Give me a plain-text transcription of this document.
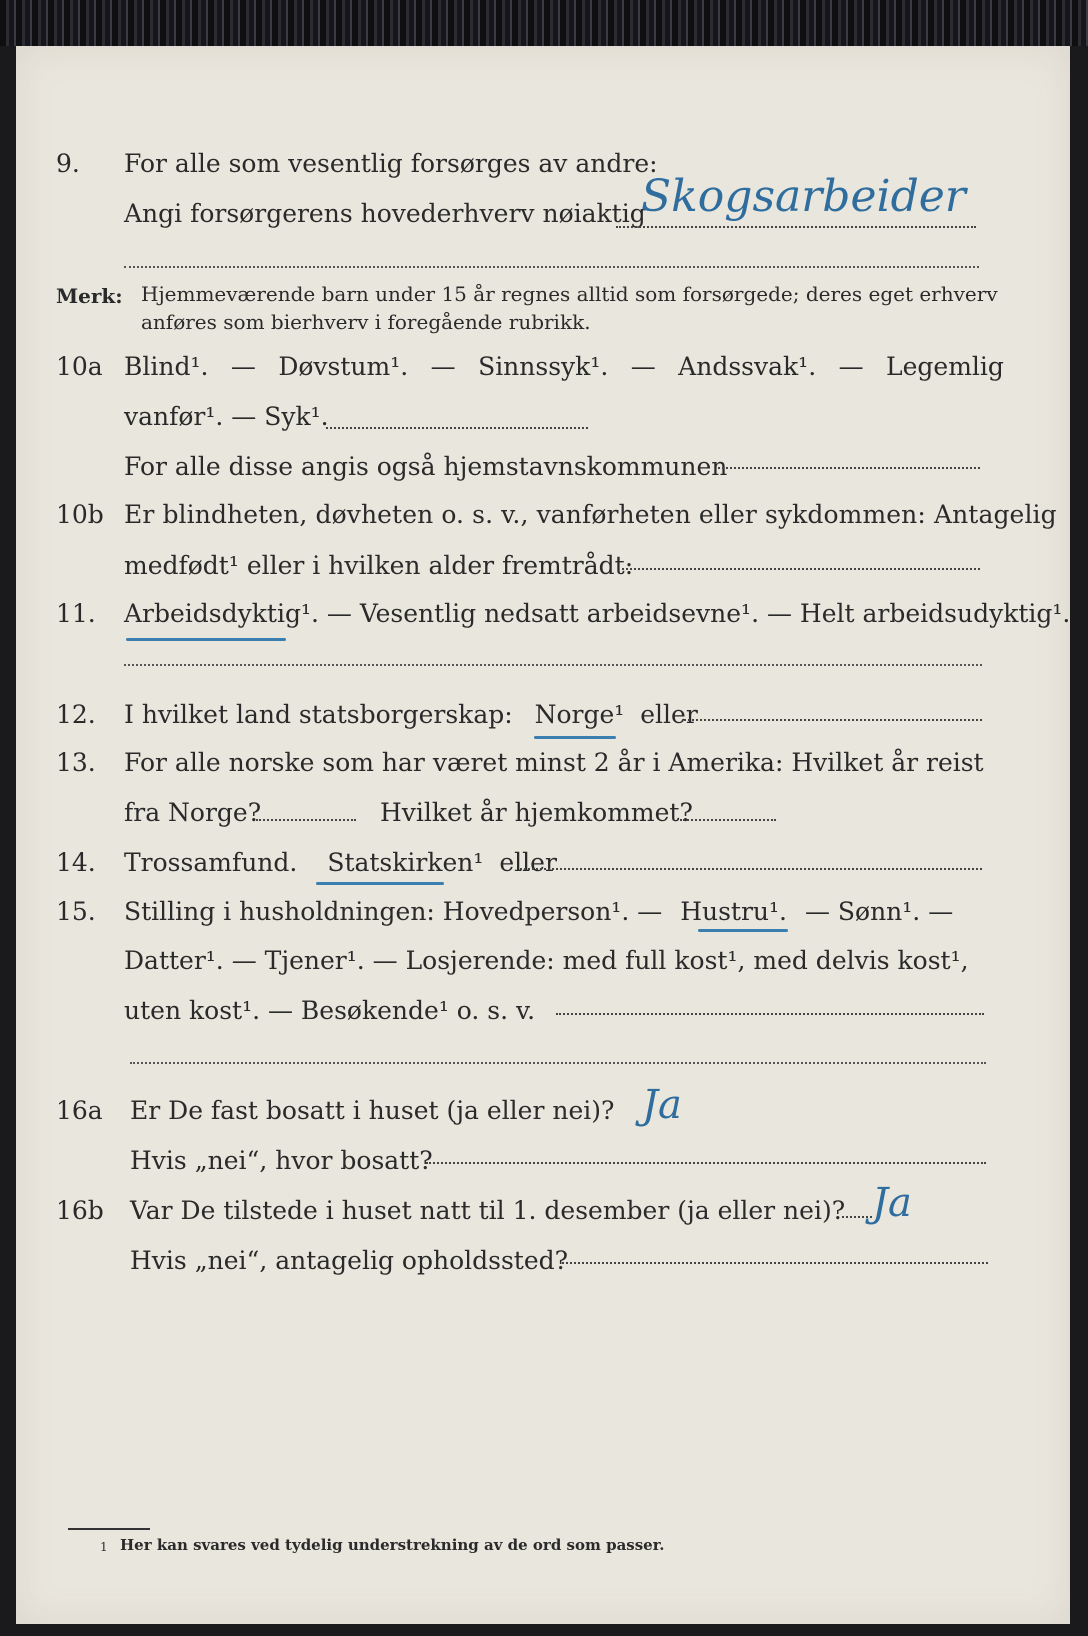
9. For alle som vesentlig forsørges av andre:
Angi forsørgerens hovederhverv nøiaktig
Skogsarbeider
Merk: Hjemmeværende barn under 15 år regnes alltid som forsørgede; deres eget erhverv
anføres som bierhverv i foregående rubrikk.
10a Blind¹. — Døvstum¹. — Sinnssyk¹. — Andssvak¹. — Legemlig
vanfør¹. — Syk¹.
For alle disse angis også hjemstavnskommunen
10b Er blindheten, døvheten o. s. v., vanførheten eller sykdommen: Antagelig
medfødt¹ eller i hvilken alder fremtrådt:
11. Arbeidsdyktig¹. — Vesentlig nedsatt arbeidsevne¹. — Helt arbeidsudyktig¹.
12. I hvilket land statsborgerskap: Norge¹ eller
13. For alle norske som har været minst 2 år i Amerika: Hvilket år reist
fra Norge?	Hvilket år hjemkommet?
14. Trossamfund. Statskirken¹ eller
15. Stilling i husholdningen: Hovedperson¹. — Hustru¹. — Sønn¹. —
Datter¹. — Tjener¹. — Losjerende: med full kost¹, med delvis kost¹,
uten kost¹. — Besøkende¹ o. s. v.
16a Er De fast bosatt i huset (ja eller nei)? Ja
Hvis „nei“, hvor bosatt?
16b Var De tilstede i huset natt til 1. desember (ja eller nei)? Ja
Hvis „nei“, antagelig opholdssted?
1 Her kan svares ved tydelig understrekning av de ord som passer.
